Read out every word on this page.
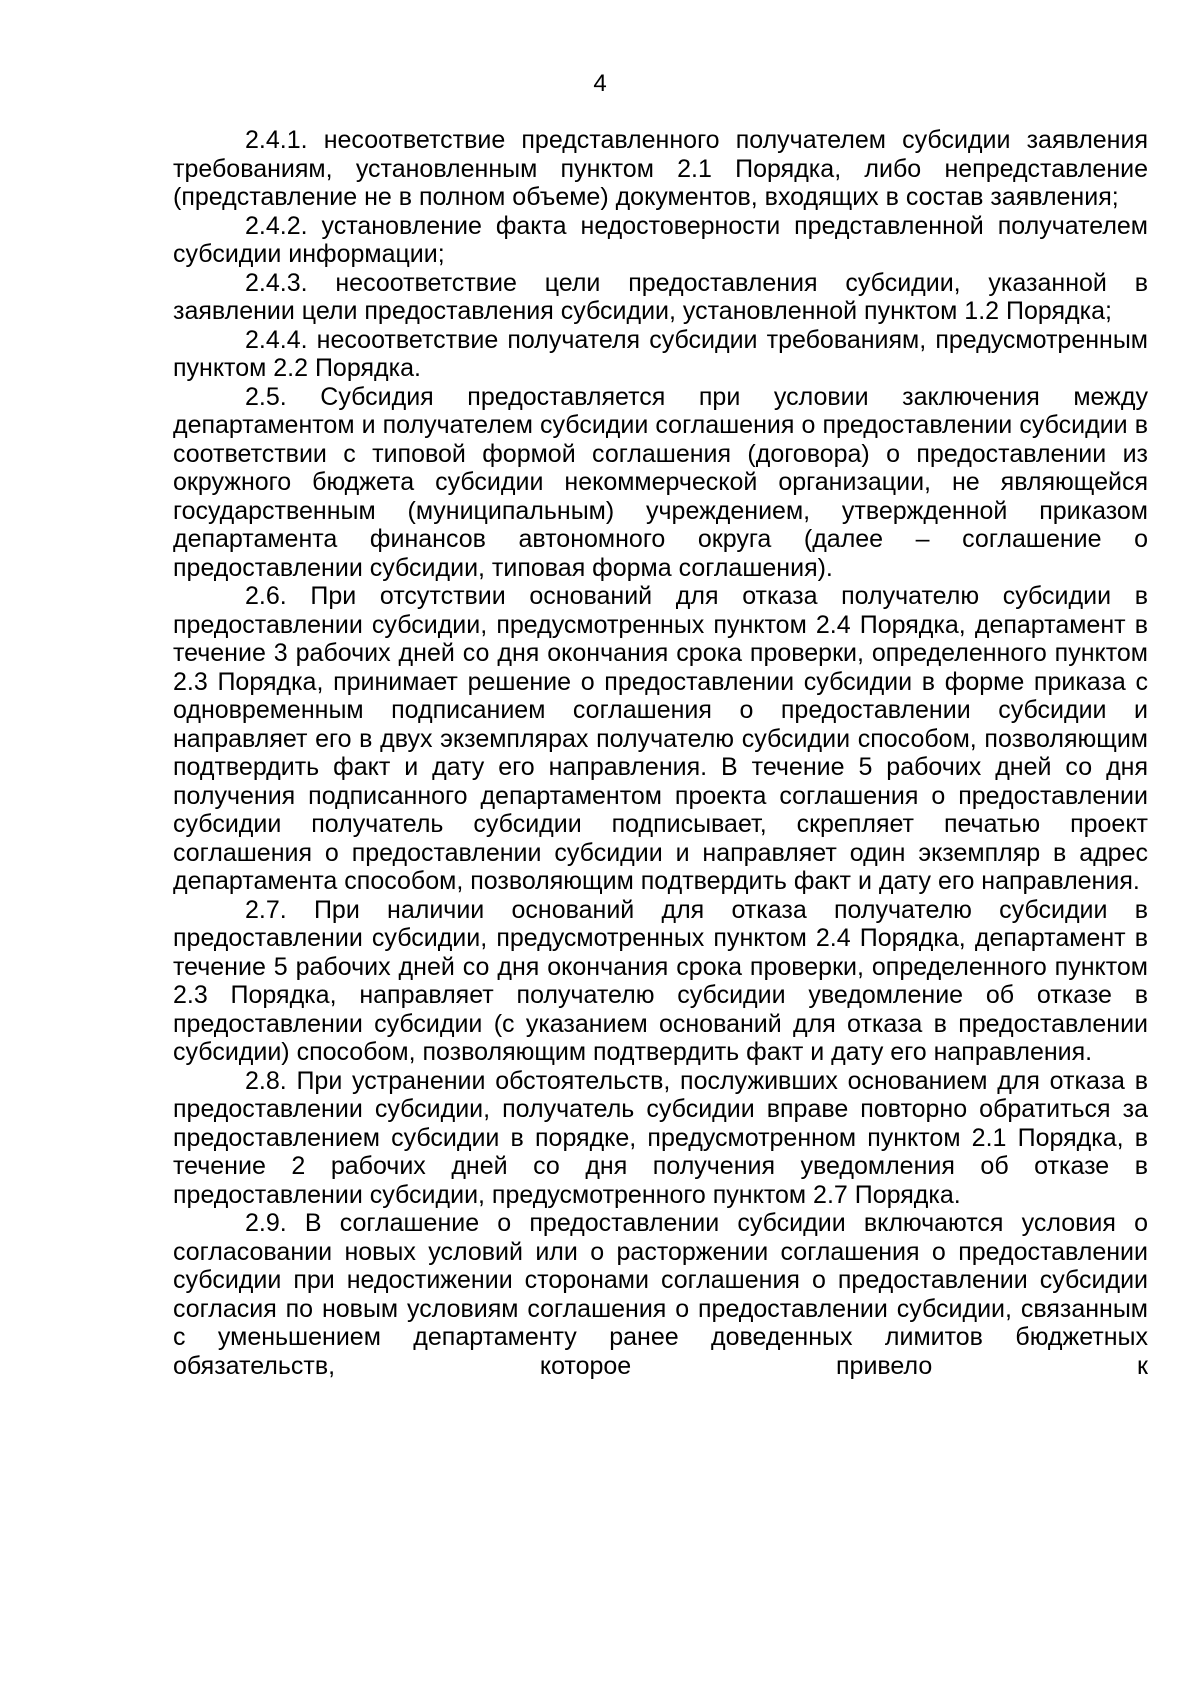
4

2.4.1. несоответствие представленного получателем субсидии заявления требованиям, установленным пунктом 2.1 Порядка, либо непредставление (представление не в полном объеме) документов, входящих в состав заявления;

2.4.2. установление факта недостоверности представленной получателем субсидии информации;

2.4.3. несоответствие цели предоставления субсидии, указанной в заявлении цели предоставления субсидии, установленной пунктом 1.2 Порядка;

2.4.4. несоответствие получателя субсидии требованиям, предусмотренным пунктом 2.2 Порядка.

2.5. Субсидия предоставляется при условии заключения между департаментом и получателем субсидии соглашения о предоставлении субсидии в соответствии с типовой формой соглашения (договора) о предоставлении из окружного бюджета субсидии некоммерческой организации, не являющейся государственным (муниципальным) учреждением, утвержденной приказом департамента финансов автономного округа (далее – соглашение о предоставлении субсидии, типовая форма соглашения).

2.6. При отсутствии оснований для отказа получателю субсидии в предоставлении субсидии, предусмотренных пунктом 2.4 Порядка, департамент в течение 3 рабочих дней со дня окончания срока проверки, определенного пунктом 2.3 Порядка, принимает решение о предоставлении субсидии в форме приказа с одновременным подписанием соглашения о предоставлении субсидии и направляет его в двух экземплярах получателю субсидии способом, позволяющим подтвердить факт и дату его направления. В течение 5 рабочих дней со дня получения подписанного департаментом проекта соглашения о предоставлении субсидии получатель субсидии подписывает, скрепляет печатью проект соглашения о предоставлении субсидии и направляет один экземпляр в адрес департамента способом, позволяющим подтвердить факт и дату его направления.

2.7. При наличии оснований для отказа получателю субсидии в предоставлении субсидии, предусмотренных пунктом 2.4 Порядка, департамент в течение 5 рабочих дней со дня окончания срока проверки, определенного пунктом 2.3 Порядка, направляет получателю субсидии уведомление об отказе в предоставлении субсидии (с указанием оснований для отказа в предоставлении субсидии) способом, позволяющим подтвердить факт и дату его направления.

2.8. При устранении обстоятельств, послуживших основанием для отказа в предоставлении субсидии, получатель субсидии вправе повторно обратиться за предоставлением субсидии в порядке, предусмотренном пунктом 2.1 Порядка, в течение 2 рабочих дней со дня получения уведомления об отказе в предоставлении субсидии, предусмотренного пунктом 2.7 Порядка.

2.9. В соглашение о предоставлении субсидии включаются условия о согласовании новых условий или о расторжении соглашения о предоставлении субсидии при недостижении сторонами соглашения о предоставлении субсидии согласия по новым условиям соглашения о предоставлении субсидии, связанным с уменьшением департаменту ранее доведенных лимитов бюджетных обязательств, которое привело к
